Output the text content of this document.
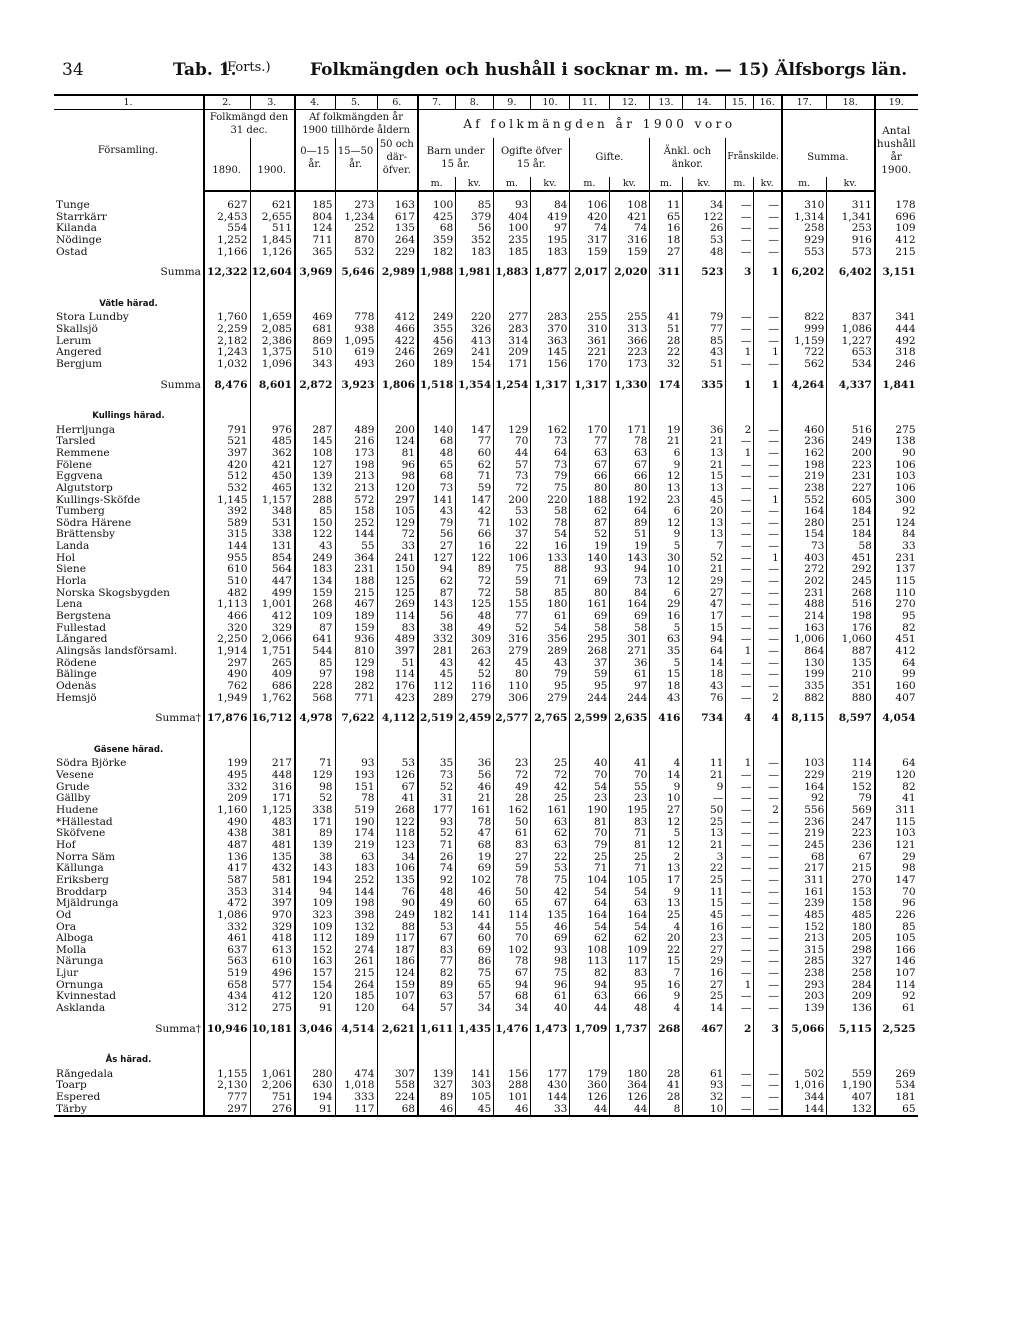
34	Tab. 1.
(Forts.) Folkmängden och hushåll i socknar m. m. — 15) Älfsborgs län.
1.	2.	3.	4.	5.	6.	7.	8.	9.	10.	11.	12.	13.	14.	15.	16.	17.	18.	19.
Församling.	Folkmängd den 31 dec.		Af folkmängden år 1900 tillhörde åldern			Af folkmängden år 1900 voro												Antal hushåll år 1900.
	1890.	1900.	0—15 år.	15—50 år.	50 och där-öfver.	Barn under 15 år.		Ogifte öfver 15 år.		Gifte.		Änkl. och änkor.		Frånskilde.		Summa.		
						m.	kv.	m.	kv.	m.	kv.	m.	kv.	m.	kv.	m.	kv.	

Tunge	627	621	185	273	163	100	85	93	84	106	108	11	34	—	—	310	311	178
Starrkärr	2,453	2,655	804	1,234	617	425	379	404	419	420	421	65	122	—	—	1,314	1,341	696
Kilanda	554	511	124	252	135	68	56	100	97	74	74	16	26	—	—	258	253	109
Nödinge	1,252	1,845	711	870	264	359	352	235	195	317	316	18	53	—	—	929	916	412
Östad	1,166	1,126	365	532	229	182	183	185	183	159	159	27	48	—	—	553	573	215
Summa	12,322	12,604	3,969	5,646	2,989	1,988	1,981	1,883	1,877	2,017	2,020	311	523	3	1	6,202	6,402	3,151
Vätle härad.																		
Stora Lundby	1,760	1,659	469	778	412	249	220	277	283	255	255	41	79	—	—	822	837	341
Skallsjö	2,259	2,085	681	938	466	355	326	283	370	310	313	51	77	—	—	999	1,086	444
Lerum	2,182	2,386	869	1,095	422	456	413	314	363	361	366	28	85	—	—	1,159	1,227	492
Angered	1,243	1,375	510	619	246	269	241	209	145	221	223	22	43	1	1	722	653	318
Bergjum	1,032	1,096	343	493	260	189	154	171	156	170	173	32	51	—	—	562	534	246
Summa	8,476	8,601	2,872	3,923	1,806	1,518	1,354	1,254	1,317	1,317	1,330	174	335	1	1	4,264	4,337	1,841
Kullings härad.																		
Herrljunga	791	976	287	489	200	140	147	129	162	170	171	19	36	2	—	460	516	275
Tarsled	521	485	145	216	124	68	77	70	73	77	78	21	21	—	—	236	249	138
Remmene	397	362	108	173	81	48	60	44	64	63	63	6	13	1	—	162	200	90
Fölene	420	421	127	198	96	65	62	57	73	67	67	9	21	—	—	198	223	106
Eggvena	512	450	139	213	98	68	71	73	79	66	66	12	15	—	—	219	231	103
Algutstorp	532	465	132	213	120	73	59	72	75	80	80	13	13	—	—	238	227	106
Kullings-Sköfde	1,145	1,157	288	572	297	141	147	200	220	188	192	23	45	—	1	552	605	300
Tumberg	392	348	85	158	105	43	42	53	58	62	64	6	20	—	—	164	184	92
Södra Härene	589	531	150	252	129	79	71	102	78	87	89	12	13	—	—	280	251	124
Brättensby	315	338	122	144	72	56	66	37	54	52	51	9	13	—	—	154	184	84
Landa	144	131	43	55	33	27	16	22	16	19	19	5	7	—	—	73	58	33
Hol	955	854	249	364	241	127	122	106	133	140	143	30	52	—	1	403	451	231
Siene	610	564	183	231	150	94	89	75	88	93	94	10	21	—	—	272	292	137
Horla	510	447	134	188	125	62	72	59	71	69	73	12	29	—	—	202	245	115
Norska Skogsbygden	482	499	159	215	125	87	72	58	85	80	84	6	27	—	—	231	268	110
Lena	1,113	1,001	268	467	269	143	125	155	180	161	164	29	47	—	—	488	516	270
Bergstena	466	412	109	189	114	56	48	77	61	69	69	16	17	—	—	214	198	95
Fullestad	320	329	87	159	83	38	49	52	54	58	58	5	15	—	—	163	176	82
Långared	2,250	2,066	641	936	489	332	309	316	356	295	301	63	94	—	—	1,006	1,060	451
Alingsås landsförsaml.	1,914	1,751	544	810	397	281	263	279	289	268	271	35	64	1	—	864	887	412
Rödene	297	265	85	129	51	43	42	45	43	37	36	5	14	—	—	130	135	64
Bälinge	490	409	97	198	114	45	52	80	79	59	61	15	18	—	—	199	210	99
Ödenäs	762	686	228	282	176	112	116	110	95	95	97	18	43	—	—	335	351	160
Hemsjö	1,949	1,762	568	771	423	289	279	306	279	244	244	43	76	—	2	882	880	407
Summa†	17,876	16,712	4,978	7,622	4,112	2,519	2,459	2,577	2,765	2,599	2,635	416	734	4	4	8,115	8,597	4,054
Gäsene härad.																		
Södra Björke	199	217	71	93	53	35	36	23	25	40	41	4	11	1	—	103	114	64
Vesene	495	448	129	193	126	73	56	72	72	70	70	14	21	—	—	229	219	120
Grude	332	316	98	151	67	52	46	49	42	54	55	9	9	—	—	164	152	82
Gällby	209	171	52	78	41	31	21	28	25	23	23	10	—	—	—	92	79	41
Hudene	1,160	1,125	338	519	268	177	161	162	161	190	195	27	50	—	2	556	569	311
*Hällestad	490	483	171	190	122	93	78	50	63	81	83	12	25	—	—	236	247	115
Sköfvene	438	381	89	174	118	52	47	61	62	70	71	5	13	—	—	219	223	103
Hof	487	481	139	219	123	71	68	83	63	79	81	12	21	—	—	245	236	121
Norra Säm	136	135	38	63	34	26	19	27	22	25	25	2	3	—	—	68	67	29
Källunga	417	432	143	183	106	74	69	59	53	71	71	13	22	—	—	217	215	98
Eriksberg	587	581	194	252	135	92	102	78	75	104	105	17	25	—	—	311	270	147
Broddarp	353	314	94	144	76	48	46	50	42	54	54	9	11	—	—	161	153	70
Mjäldrunga	472	397	109	198	90	49	60	65	67	64	63	13	15	—	—	239	158	96
Od	1,086	970	323	398	249	182	141	114	135	164	164	25	45	—	—	485	485	226
Öra	332	329	109	132	88	53	44	55	46	54	54	4	16	—	—	152	180	85
Alboga	461	418	112	189	117	67	60	70	69	62	62	20	23	—	—	213	205	105
Molla	637	613	152	274	187	83	69	102	93	108	109	22	27	—	—	315	298	166
Närunga	563	610	163	261	186	77	86	78	98	113	117	15	29	—	—	285	327	146
Ljur	519	496	157	215	124	82	75	67	75	82	83	7	16	—	—	238	258	107
Ornunga	658	577	154	264	159	89	65	94	96	94	95	16	27	1	—	293	284	114
Kvinnestad	434	412	120	185	107	63	57	68	61	63	66	9	25	—	—	203	209	92
Asklanda	312	275	91	120	64	57	34	34	40	44	48	4	14	—	—	139	136	61
Summa†	10,946	10,181	3,046	4,514	2,621	1,611	1,435	1,476	1,473	1,709	1,737	268	467	2	3	5,066	5,115	2,525
Ås härad.																		
Rångedala	1,155	1,061	280	474	307	139	141	156	177	179	180	28	61	—	—	502	559	269
Toarp	2,130	2,206	630	1,018	558	327	303	288	430	360	364	41	93	—	—	1,016	1,190	534
Espered	777	751	194	333	224	89	105	101	144	126	126	28	32	—	—	344	407	181
Tärby	297	276	91	117	68	46	45	46	33	44	44	8	10	—	—	144	132	65
